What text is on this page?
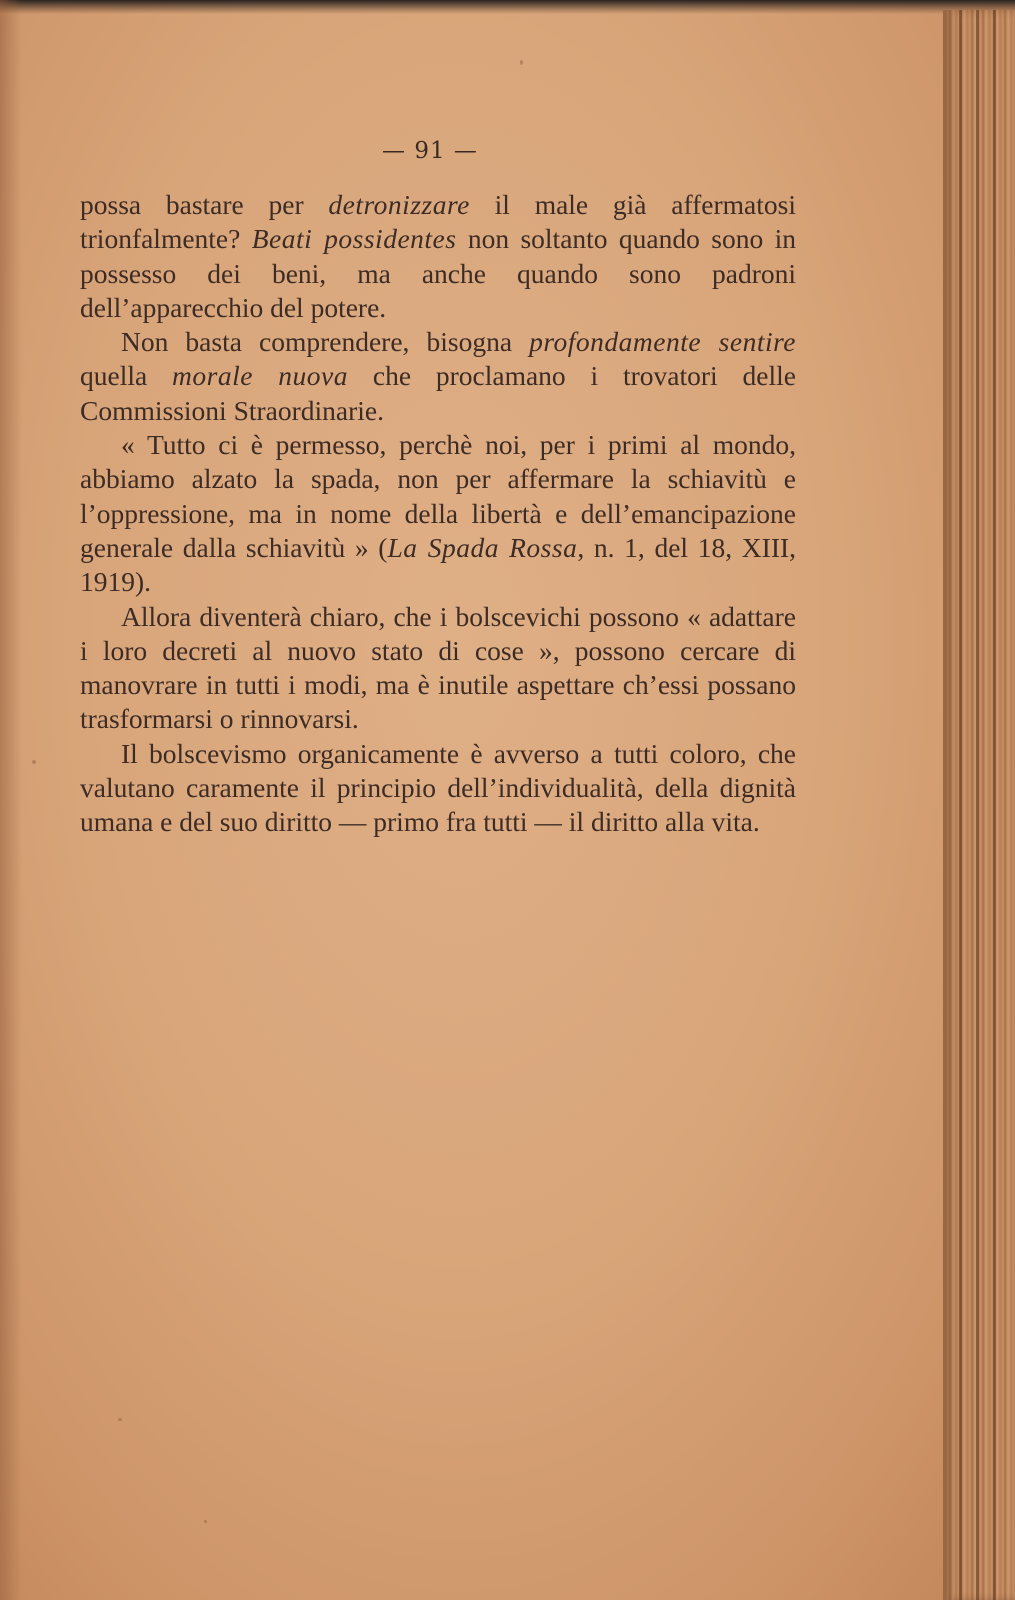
— 91 —

possa bastare per detronizzare il male già affermatosi trionfalmente? Beati possidentes non soltanto quando sono in possesso dei beni, ma anche quando sono padroni dell’apparecchio del potere.

Non basta comprendere, bisogna profondamente sentire quella morale nuova che proclamano i trovatori delle Commissioni Straordinarie.

« Tutto ci è permesso, perchè noi, per i primi al mondo, abbiamo alzato la spada, non per affermare la schiavitù e l’oppressione, ma in nome della libertà e dell’emancipazione generale dalla schiavitù » (La Spada Rossa, n. 1, del 18, XIII, 1919).

Allora diventerà chiaro, che i bolscevichi possono « adattare i loro decreti al nuovo stato di cose », possono cercare di manovrare in tutti i modi, ma è inutile aspettare ch’essi possano trasformarsi o rinnovarsi.

Il bolscevismo organicamente è avverso a tutti coloro, che valutano caramente il principio dell’individualità, della dignità umana e del suo diritto — primo fra tutti — il diritto alla vita.
